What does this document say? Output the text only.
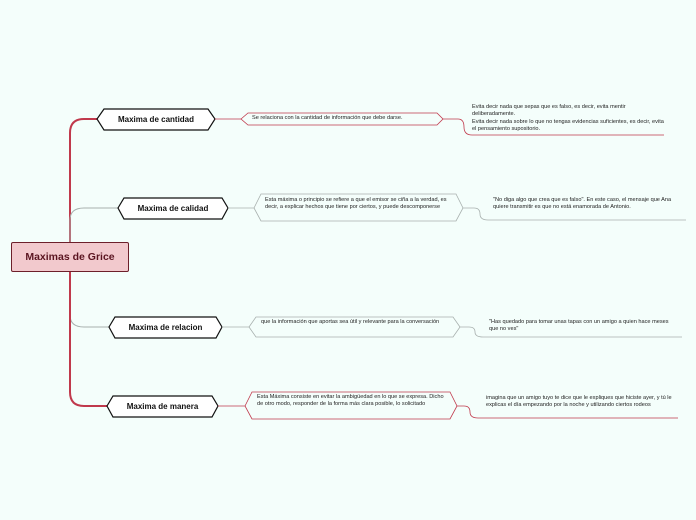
Maximas de Grice
Maxima de cantidad	Se relaciona con la cantidad de información que debe darse.
Evita decir nada que sepas que es falso, es decir, evita mentir deliberadamente.
Evita decir nada sobre lo que no tengas evidencias suficientes, es decir, evita el pensamiento supositorio.
Maxima de calidad
Esta máxima o principio se refiere a que el emisor se ciña a la verdad, es decir, a explicar hechos que tiene por ciertos, y puede descomponerse
"No diga algo que crea que es falso". En este caso, el mensaje que Ana quiere transmitir es que no está enamorada de Antonio.
Maxima de relacion
que la información que aportas sea útil y relevante para la conversación	"Has quedado para tomar unas tapas con un amigo a quien hace meses que no ves"
Maxima de manera
Esta Máxima consiste en evitar la ambigüedad en lo que se expresa. Dicho de otro modo, responder de la forma más clara posible, lo solicitado
imagina que un amigo tuyo te dice que le expliques que hiciste ayer, y tú le explicas el día empezando por la noche y utilizando ciertos rodeos
